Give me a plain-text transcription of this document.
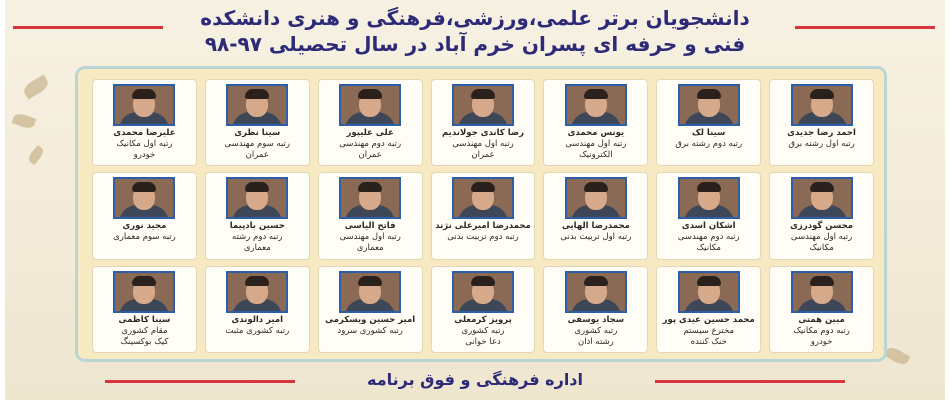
دانشجویان برتر علمی،ورزشی،فرهنگی و هنری دانشکده
فنی و حرفه ای پسران خرم آباد در سال تحصیلی ۹۷-۹۸
احمد رضا جدیدی
رتبه اول رشته برق
سینا لک
رتبه دوم رشته برق
یونس محمدی
رتبه اول مهندسی
الکترونیک
رضا کاندی جولاندیم
رتبه اول مهندسی
عمران
علی علیپور
رتبه دوم مهندسی
عمران
سینا نظری
رتبه سوم مهندسی
عمران
علیرضا محمدی
رتبه اول مکانیک
خودرو
محسن گودرزی
رتبه اول مهندسی
مکانیک
اشکان اسدی
رتبه دوم مهندسی
مکانیک
محمدرضا الهایی
رتبه اول تربیت بدنی
محمدرضا امیرعلی نژند
رتبه دوم تربیت بدنی
فاتح الیاسی
رتبه اول مهندسی
معماری
حسین بادپیما
رتبه دوم رشته
معماری
مجید نوری
رتبه سوم معماری
مبین همتی
رتبه دوم مکانیک
خودرو
محمد حسین عیدی پور
مخترع سیستم
خنک کننده
سجاد یوسفی
رتبه کشوری
رشته اذان
پرویز کرمعلی
رتبه کشوری
دعا خوانی
امیر حسین ویسکرمی
رتبه کشوری سرود
امیر دالوندی
رتبه کشوری مثبت
سینا کاظمی
مقام کشوری
کیک بوکسینگ
اداره فرهنگی و فوق برنامه
